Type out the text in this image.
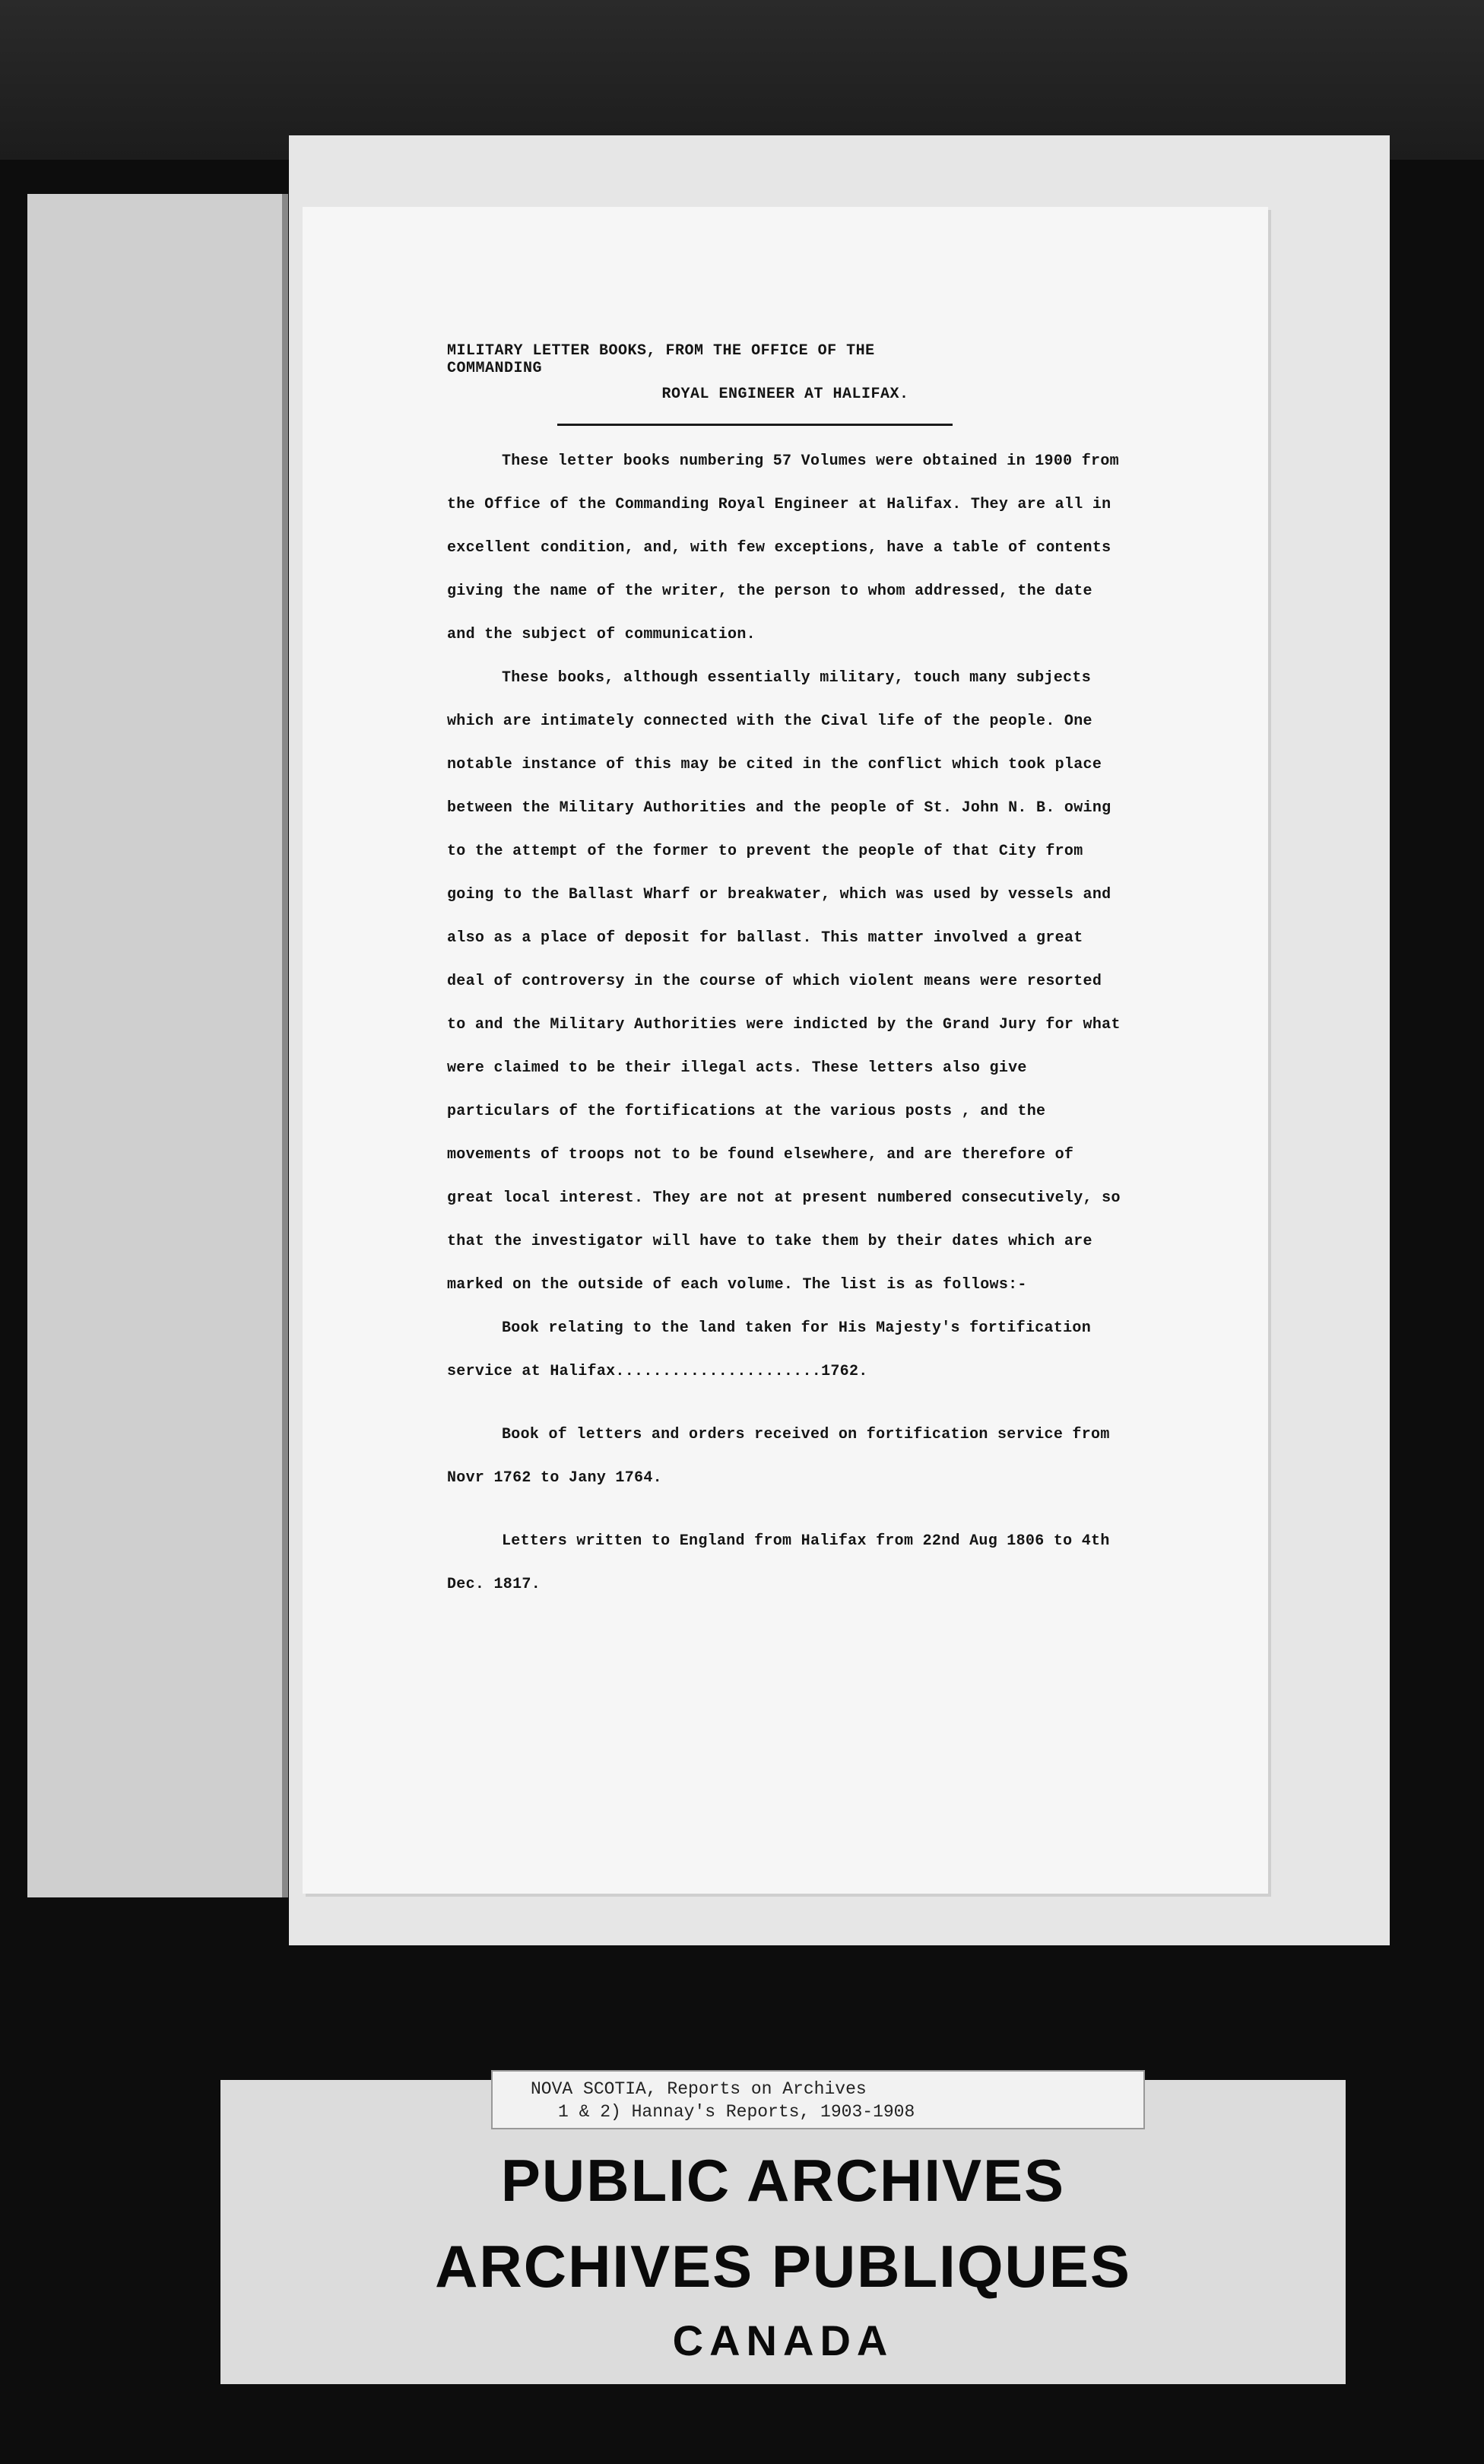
MILITARY LETTER BOOKS, FROM THE OFFICE OF THE COMMANDING
ROYAL ENGINEER AT HALIFAX.

These letter books numbering 57 Volumes were obtained in 1900 from the Office of the Commanding Royal Engineer at Halifax. They are all in excellent condition, and, with few exceptions, have a table of contents giving the name of the writer, the person to whom addressed, the date and the subject of communication.

These books, although essentially military, touch many subjects which are intimately connected with the Cival life of the people. One notable instance of this may be cited in the conflict which took place between the Military Authorities and the people of St. John N. B. owing to the attempt of the former to prevent the people of that City from going to the Ballast Wharf or breakwater, which was used by vessels and also as a place of deposit for ballast. This matter involved a great deal of controversy in the course of which violent means were resorted to and the Military Authorities were indicted by the Grand Jury for what were claimed to be their illegal acts. These letters also give particulars of the fortifications at the various posts , and the movements of troops not to be found elsewhere, and are therefore of great local interest. They are not at present numbered consecutively, so that the investigator will have to take them by their dates which are marked on the outside of each volume. The list is as follows:-

Book relating to the land taken for His Majesty's fortification service at Halifax......................1762.

Book of letters and orders received on fortification service from Novr 1762 to Jany 1764.

Letters written to England from Halifax from 22nd Aug 1806 to 4th Dec. 1817.

NOVA SCOTIA, Reports on Archives
1 & 2) Hannay's Reports, 1903-1908
PUBLIC ARCHIVES
ARCHIVES PUBLIQUES
CANADA
